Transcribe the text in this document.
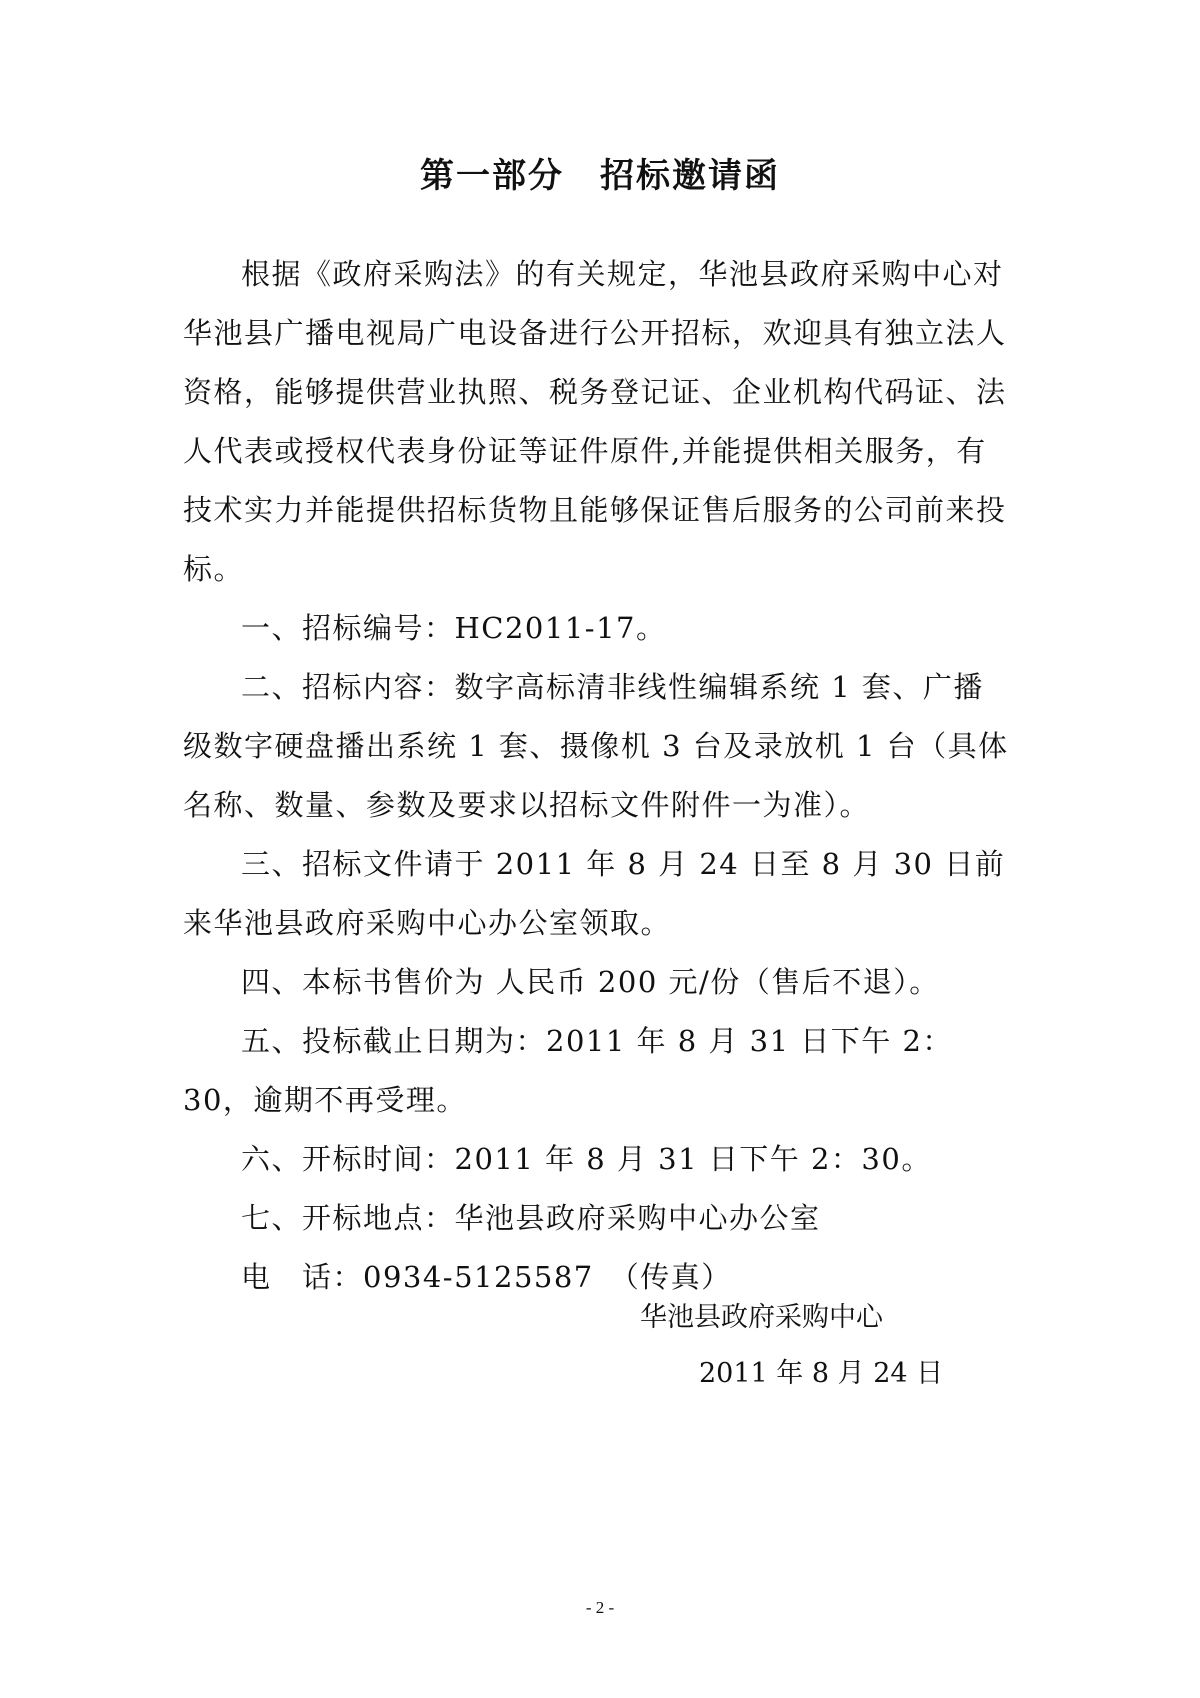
第一部分　招标邀请函

根据《政府采购法》的有关规定，华池县政府采购中心对华池县广播电视局广电设备进行公开招标，欢迎具有独立法人资格，能够提供营业执照、税务登记证、企业机构代码证、法人代表或授权代表身份证等证件原件,并能提供相关服务，有技术实力并能提供招标货物且能够保证售后服务的公司前来投标。

一、招标编号：HC2011-17。

二、招标内容：数字高标清非线性编辑系统 1 套、广播级数字硬盘播出系统 1 套、摄像机 3 台及录放机 1 台（具体名称、数量、参数及要求以招标文件附件一为准）。

三、招标文件请于 2011 年 8 月 24 日至 8 月 30 日前来华池县政府采购中心办公室领取。

四、本标书售价为 人民币 200 元/份（售后不退）。

五、投标截止日期为：2011 年 8 月 31 日下午 2：30，逾期不再受理。

六、开标时间：2011 年 8 月 31 日下午 2：30。

七、开标地点：华池县政府采购中心办公室

电　话：0934-5125587　（传真）

华池县政府采购中心
2011 年 8 月 24 日
- 2 -
